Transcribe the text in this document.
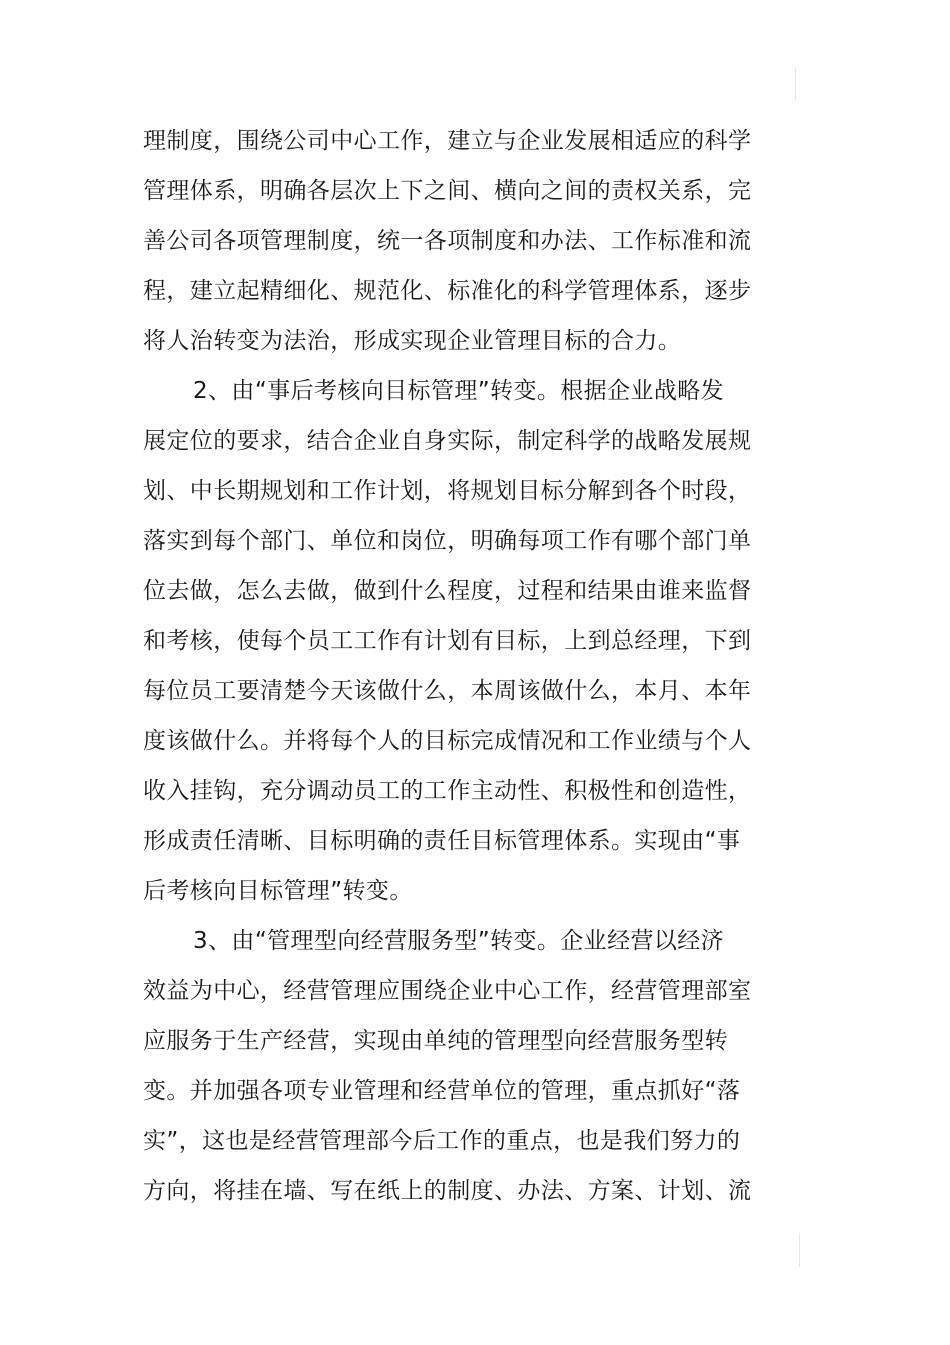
理制度，围绕公司中心工作，建立与企业发展相适应的科学
管理体系，明确各层次上下之间、横向之间的责权关系，完
善公司各项管理制度，统一各项制度和办法、工作标准和流
程，建立起精细化、规范化、标准化的科学管理体系，逐步
将人治转变为法治，形成实现企业管理目标的合力。
2、由“事后考核向目标管理”转变。根据企业战略发
展定位的要求，结合企业自身实际，制定科学的战略发展规
划、中长期规划和工作计划，将规划目标分解到各个时段，
落实到每个部门、单位和岗位，明确每项工作有哪个部门单
位去做，怎么去做，做到什么程度，过程和结果由谁来监督
和考核，使每个员工工作有计划有目标，上到总经理，下到
每位员工要清楚今天该做什么，本周该做什么，本月、本年
度该做什么。并将每个人的目标完成情况和工作业绩与个人
收入挂钩，充分调动员工的工作主动性、积极性和创造性，
形成责任清晰、目标明确的责任目标管理体系。实现由“事
后考核向目标管理”转变。
3、由“管理型向经营服务型”转变。企业经营以经济
效益为中心，经营管理应围绕企业中心工作，经营管理部室
应服务于生产经营，实现由单纯的管理型向经营服务型转
变。并加强各项专业管理和经营单位的管理，重点抓好“落
实”，这也是经营管理部今后工作的重点，也是我们努力的
方向，将挂在墙、写在纸上的制度、办法、方案、计划、流
